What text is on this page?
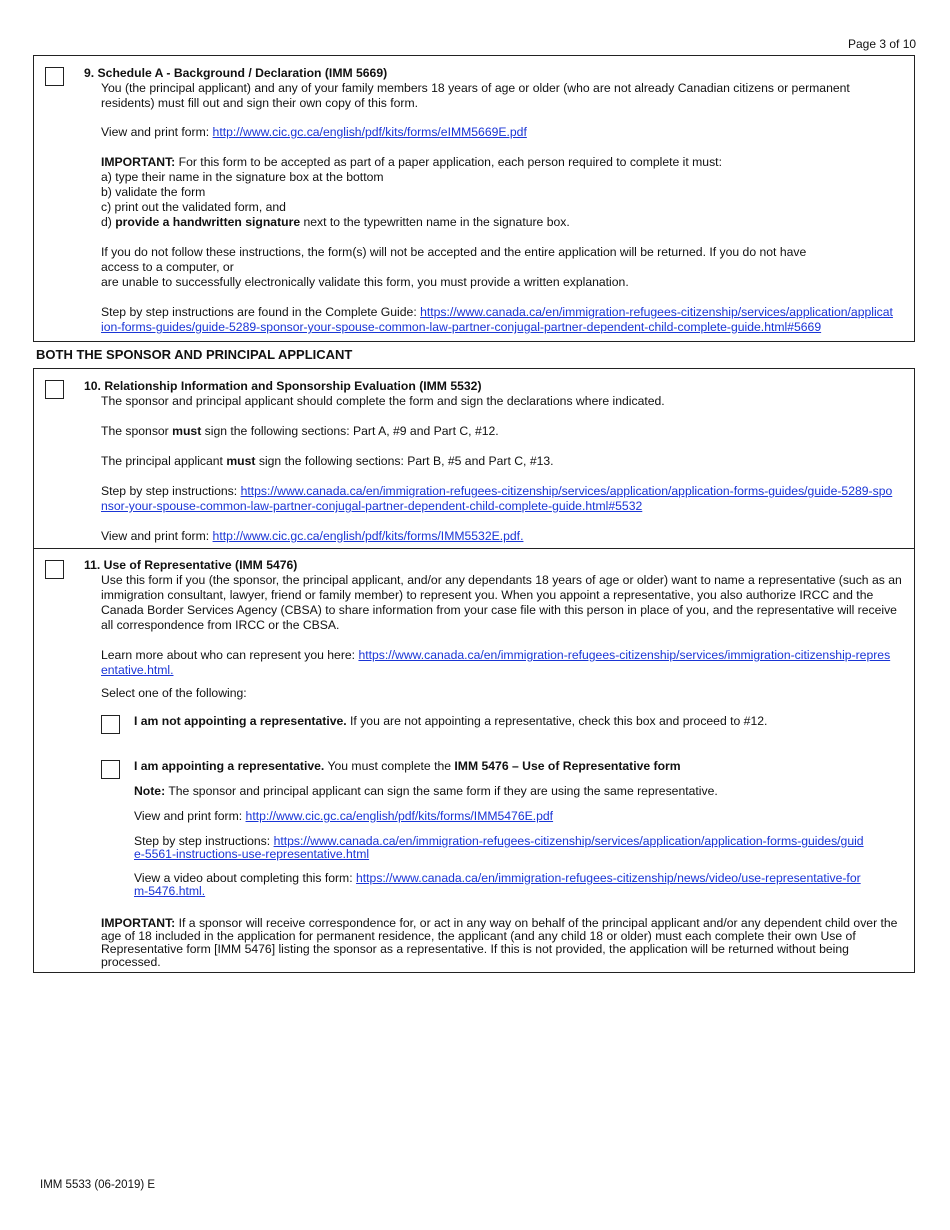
Page 3 of 10
9. Schedule A - Background / Declaration (IMM 5669)
You (the principal applicant) and any of your family members 18 years of age or older (who are not already Canadian citizens or permanent residents) must fill out and sign their own copy of this form.
View and print form: http://www.cic.gc.ca/english/pdf/kits/forms/eIMM5669E.pdf
IMPORTANT: For this form to be accepted as part of a paper application, each person required to complete it must:
a) type their name in the signature box at the bottom
b) validate the form
c) print out the validated form, and
d) provide a handwritten signature next to the typewritten name in the signature box.
If you do not follow these instructions, the form(s) will not be accepted and the entire application will be returned. If you do not have access to a computer, or
are unable to successfully electronically validate this form, you must provide a written explanation.
Step by step instructions are found in the Complete Guide: https://www.canada.ca/en/immigration-refugees-citizenship/services/application/application-forms-guides/guide-5289-sponsor-your-spouse-common-law-partner-conjugal-partner-dependent-child-complete-guide.html#5669
BOTH THE SPONSOR AND PRINCIPAL APPLICANT
10. Relationship Information and Sponsorship Evaluation (IMM 5532)
The sponsor and principal applicant should complete the form and sign the declarations where indicated.
The sponsor must sign the following sections: Part A, #9 and Part C, #12.
The principal applicant must sign the following sections: Part B, #5 and Part C, #13.
Step by step instructions: https://www.canada.ca/en/immigration-refugees-citizenship/services/application/application-forms-guides/guide-5289-sponsor-your-spouse-common-law-partner-conjugal-partner-dependent-child-complete-guide.html#5532
View and print form: http://www.cic.gc.ca/english/pdf/kits/forms/IMM5532E.pdf.
11. Use of Representative (IMM 5476)
Use this form if you (the sponsor, the principal applicant, and/or any dependants 18 years of age or older) want to name a representative (such as an immigration consultant, lawyer, friend or family member) to represent you. When you appoint a representative, you also authorize IRCC and the Canada Border Services Agency (CBSA) to share information from your case file with this person in place of you, and the representative will receive all correspondence from IRCC or the CBSA.
Learn more about who can represent you here: https://www.canada.ca/en/immigration-refugees-citizenship/services/immigration-citizenship-representative.html.
Select one of the following:
I am not appointing a representative. If you are not appointing a representative, check this box and proceed to #12.
I am appointing a representative. You must complete the IMM 5476 – Use of Representative form
Note: The sponsor and principal applicant can sign the same form if they are using the same representative.
View and print form: http://www.cic.gc.ca/english/pdf/kits/forms/IMM5476E.pdf
Step by step instructions: https://www.canada.ca/en/immigration-refugees-citizenship/services/application/application-forms-guides/guide-5561-instructions-use-representative.html
View a video about completing this form: https://www.canada.ca/en/immigration-refugees-citizenship/news/video/use-representative-form-5476.html.
IMPORTANT: If a sponsor will receive correspondence for, or act in any way on behalf of the principal applicant and/or any dependent child over the age of 18 included in the application for permanent residence, the applicant (and any child 18 or older) must each complete their own Use of Representative form [IMM 5476] listing the sponsor as a representative. If this is not provided, the application will be returned without being processed.
IMM 5533 (06-2019) E
